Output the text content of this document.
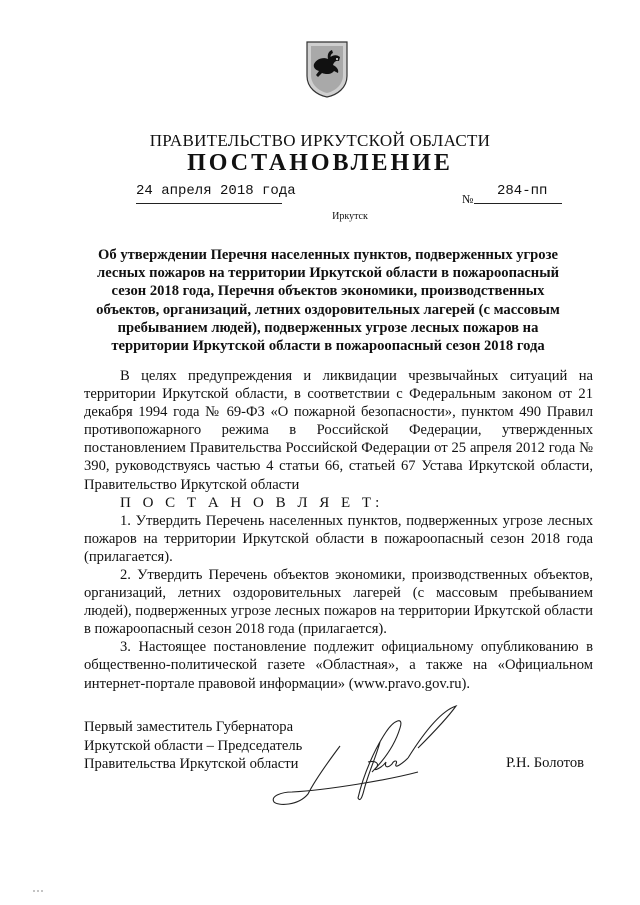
ПРАВИТЕЛЬСТВО ИРКУТСКОЙ ОБЛАСТИ
ПОСТАНОВЛЕНИЕ
24 апреля 2018 года	№ 284-пп
Иркутск
Об утверждении Перечня населенных пунктов, подверженных угрозе лесных пожаров на территории Иркутской области в пожароопасный сезон 2018 года, Перечня объектов экономики, производственных объектов, организаций, летних оздоровительных лагерей (с массовым пребыванием людей), подверженных угрозе лесных пожаров на территории Иркутской области в пожароопасный сезон 2018 года

В целях предупреждения и ликвидации чрезвычайных ситуаций на территории Иркутской области, в соответствии с Федеральным законом от 21 декабря 1994 года № 69-ФЗ «О пожарной безопасности», пунктом 490 Правил противопожарного режима в Российской Федерации, утвержденных постановлением Правительства Российской Федерации от 25 апреля 2012 года № 390, руководствуясь частью 4 статьи 66, статьей 67 Устава Иркутской области, Правительство Иркутской области

П О С Т А Н О В Л Я Е Т:

1. Утвердить Перечень населенных пунктов, подверженных угрозе лесных пожаров на территории Иркутской области в пожароопасный сезон 2018 года (прилагается).

2. Утвердить Перечень объектов экономики, производственных объектов, организаций, летних оздоровительных лагерей (с массовым пребыванием людей), подверженных угрозе лесных пожаров на территории Иркутской области в пожароопасный сезон 2018 года (прилагается).

3. Настоящее постановление подлежит официальному опубликованию в общественно-политической газете «Областная», а также на «Официальном интернет-портале правовой информации» (www.pravo.gov.ru).

Первый заместитель Губернатора
Иркутской области – Председатель
Правительства Иркутской области	Р.Н. Болотов
